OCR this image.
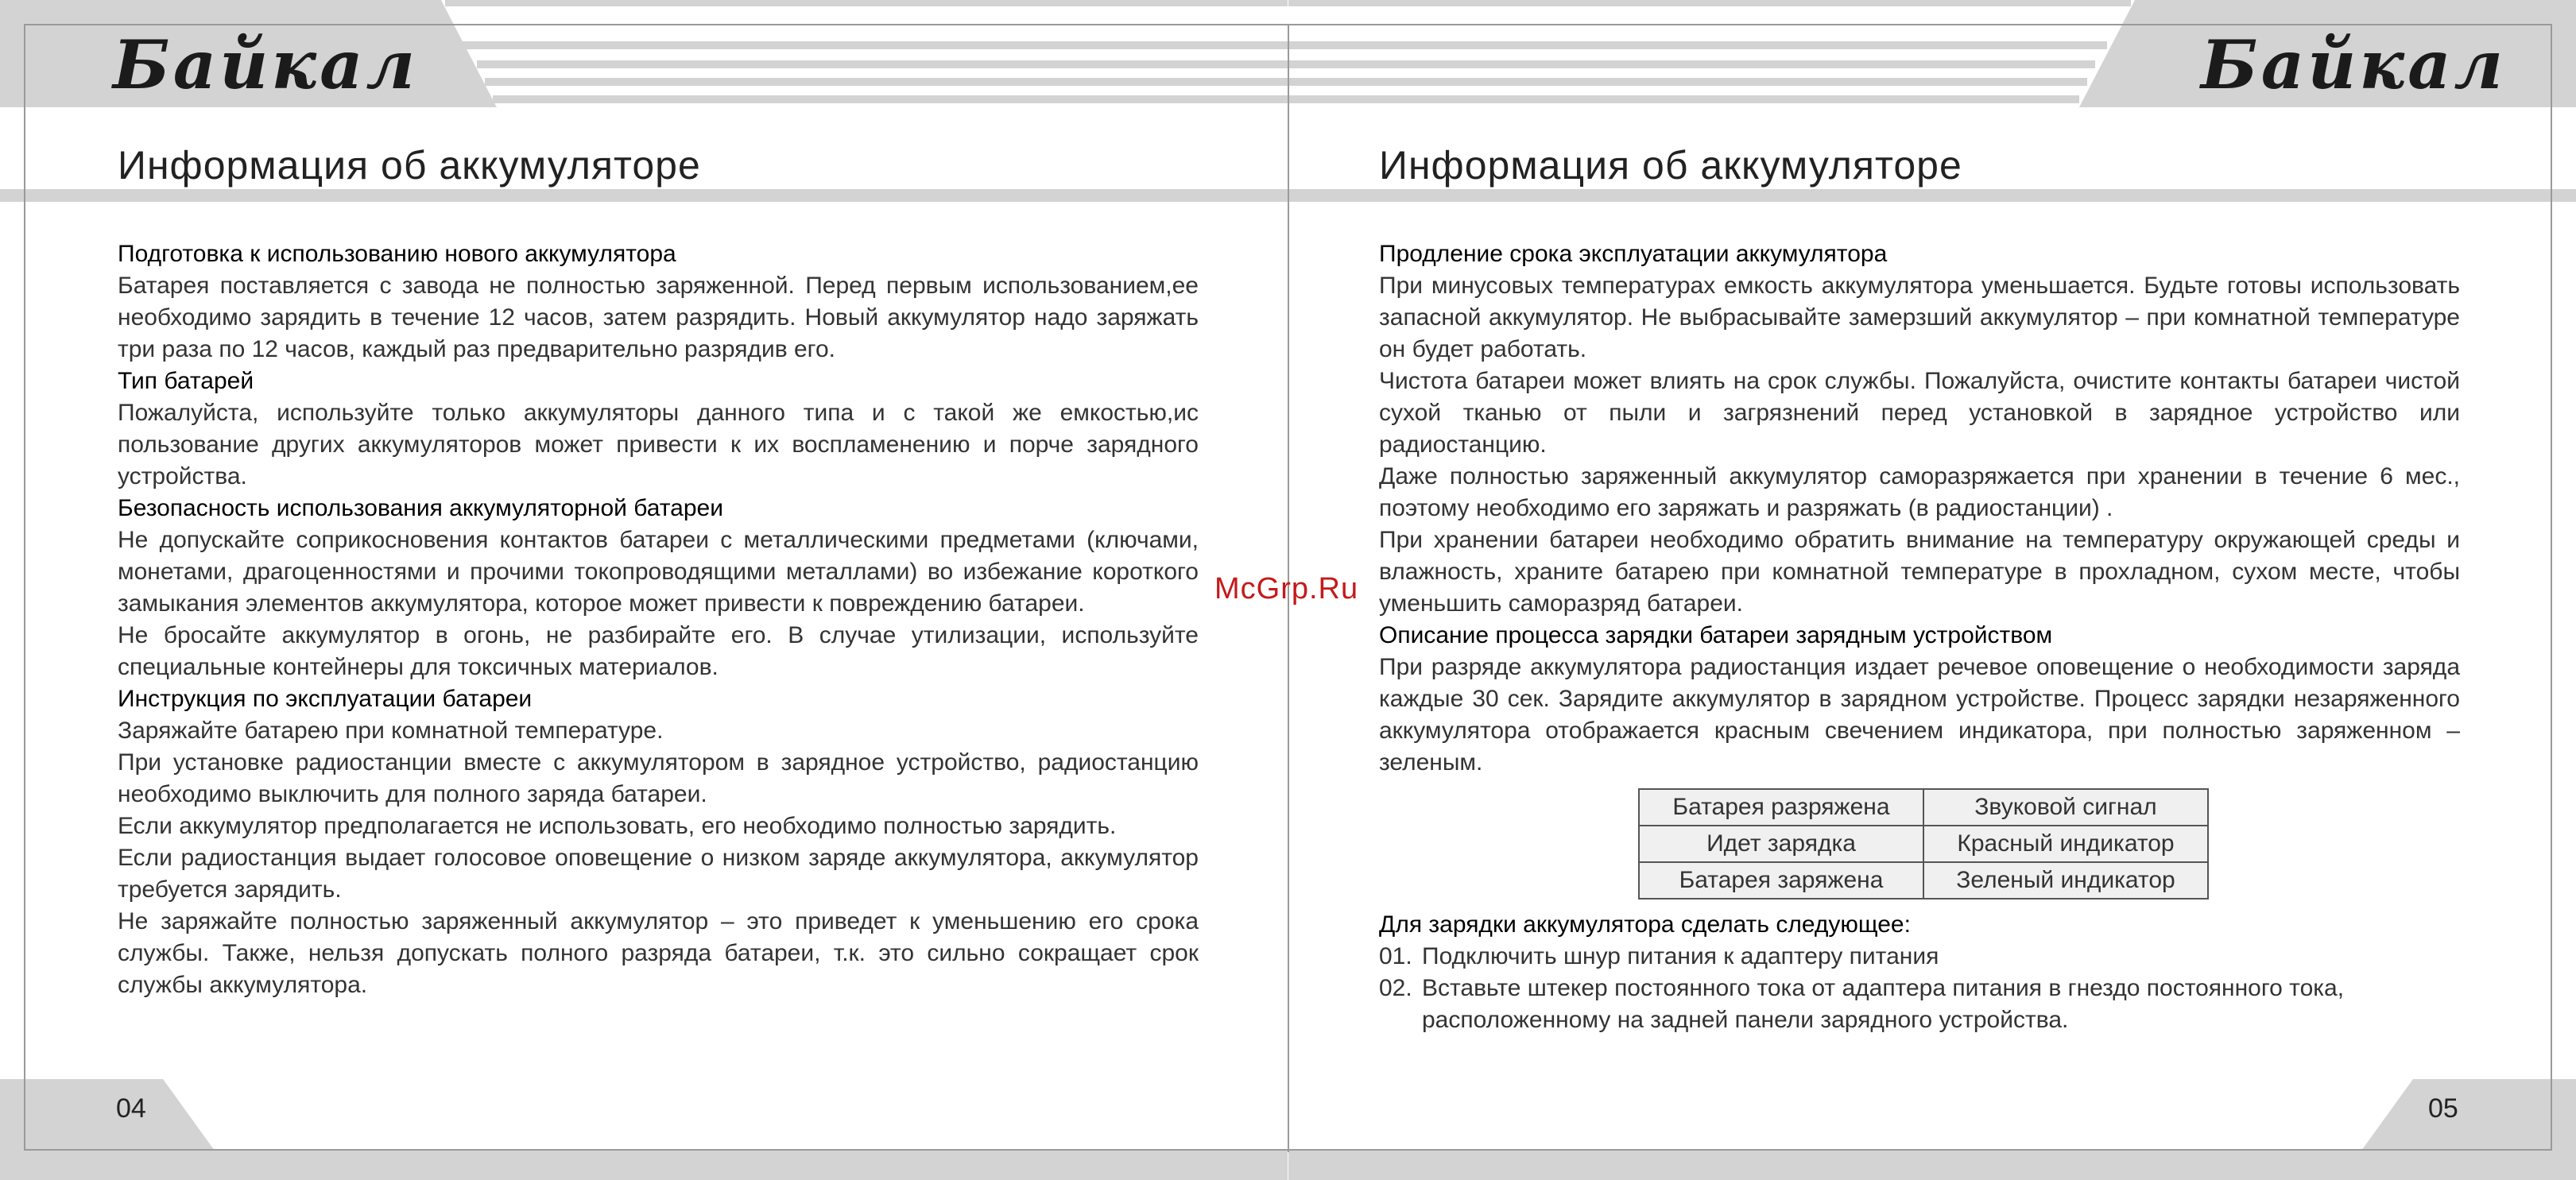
Байкал
Информация об аккумуляторе
Подготовка к использованию нового аккумулятора

Батарея поставляется с завода не полностью заряженной. Перед первым использованием,ее необходимо зарядить в течение 12 часов, затем разрядить. Новый аккумулятор надо заряжать три раза по 12 часов, каждый раз предварительно разрядив его.

Тип батарей

Пожалуйста, используйте только аккумуляторы данного типа и с такой же емкостью,ис пользование других аккумуляторов может привести к их воспламенению и порче зарядного устройства.

Безопасность использования аккумуляторной батареи

Не допускайте соприкосновения контактов батареи с металлическими предметами (ключами, монетами, драгоценностями и прочими токопроводящими металлами) во избежание короткого замыкания элементов аккумулятора, которое может привести к повреждению батареи.

Не бросайте аккумулятор в огонь, не разбирайте его. В случае утилизации, используйте специальные контейнеры для токсичных материалов.

Инструкция по эксплуатации батареи

Заряжайте батарею при комнатной температуре.

При установке радиостанции вместе с аккумулятором в зарядное устройство, радиостанцию необходимо выключить для полного заряда батареи.

Если аккумулятор предполагается не использовать, его необходимо полностью зарядить.

Если радиостанция выдает голосовое оповещение о низком заряде аккумулятора, аккумулятор требуется зарядить.

Не заряжайте полностью заряженный аккумулятор – это приведет к уменьшению его срока службы. Также, нельзя допускать полного разряда батареи, т.к. это сильно сокращает срок службы аккумулятора.

04
Байкал
Информация об аккумуляторе
Продление срока эксплуатации аккумулятора

При минусовых температурах емкость аккумулятора уменьшается. Будьте готовы использовать запасной аккумулятор. Не выбрасывайте замерзший аккумулятор – при комнатной температуре он будет работать.

Чистота батареи может влиять на срок службы. Пожалуйста, очистите контакты батареи чистой сухой тканью от пыли и загрязнений перед установкой в зарядное устройство или радиостанцию.

Даже полностью заряженный аккумулятор саморазряжается при хранении в течение 6 мес., поэтому необходимо его заряжать и разряжать (в радиостанции) .

При хранении батареи необходимо обратить внимание на температуру окружающей среды и влажность, храните батарею при комнатной температуре в прохладном, сухом месте, чтобы уменьшить саморазряд батареи.

Описание процесса зарядки батареи зарядным устройством

При разряде аккумулятора радиостанция издает речевое оповещение о необходимости заряда каждые 30 сек. Зарядите аккумулятор в зарядном устройстве. Процесс зарядки незаряженного аккумулятора отображается красным свечением индикатора, при полностью заряженном – зеленым.

Батарея разряжена	Звуковой сигнал
Идет зарядка	Красный индикатор
Батарея заряжена	Зеленый индикатор
Для зарядки аккумулятора сделать следующее:
01. Подключить шнур питания к адаптеру питания
02. Вставьте штекер постоянного тока от адаптера питания в гнездо постоянного тока, расположенному на задней панели зарядного устройства.
05
McGrp.Ru
